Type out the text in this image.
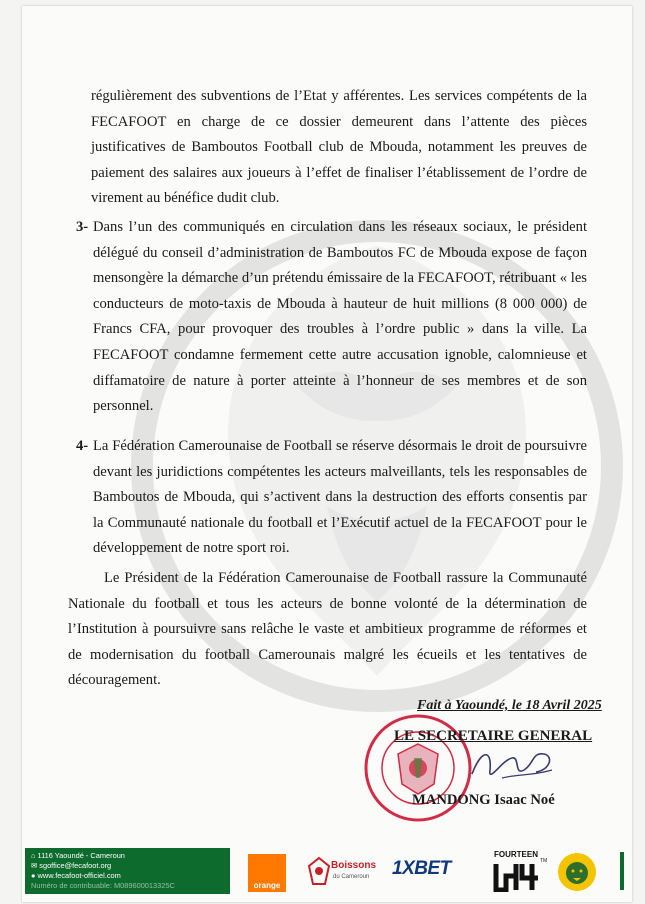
régulièrement des subventions de l’Etat y afférentes. Les services compétents de la FECAFOOT en charge de ce dossier demeurent dans l’attente des pièces justificatives de Bamboutos Football club de Mbouda, notamment les preuves de paiement des salaires aux joueurs à l’effet de finaliser l’établissement de l’ordre de virement au bénéfice dudit club.
3- Dans l’un des communiqués en circulation dans les réseaux sociaux, le président délégué du conseil d’administration de Bamboutos FC de Mbouda expose de façon mensongère la démarche d’un prétendu émissaire de la FECAFOOT, rétribuant « les conducteurs de moto-taxis de Mbouda à hauteur de huit millions (8 000 000) de Francs CFA, pour provoquer des troubles à l’ordre public » dans la ville. La FECAFOOT condamne fermement cette autre accusation ignoble, calomnieuse et diffamatoire de nature à porter atteinte à l’honneur de ses membres et de son personnel.
4- La Fédération Camerounaise de Football se réserve désormais le droit de poursuivre devant les juridictions compétentes les acteurs malveillants, tels les responsables de Bamboutos de Mbouda, qui s’activent dans la destruction des efforts consentis par la Communauté nationale du football et l’Exécutif actuel de la FECAFOOT pour le développement de notre sport roi.
Le Président de la Fédération Camerounaise de Football rassure la Communauté Nationale du football et tous les acteurs de bonne volonté de la détermination de l’Institution à poursuivre sans relâche le vaste et ambitieux programme de réformes et de modernisation du football Camerounais malgré les écueils et les tentatives de découragement.
Fait à Yaoundé, le 18 Avril 2025
LE SECRETAIRE GENERAL
MANDONG Isaac Noé
⌂ 1116 Yaoundé - Cameroun
✉ sgoffice@fecafoot.org
● www.fecafoot-officiel.com
Numéro de contribuable: M089600013325C	orange
Boissons
du Cameroun 1XBET
FOURTEEN
TM
